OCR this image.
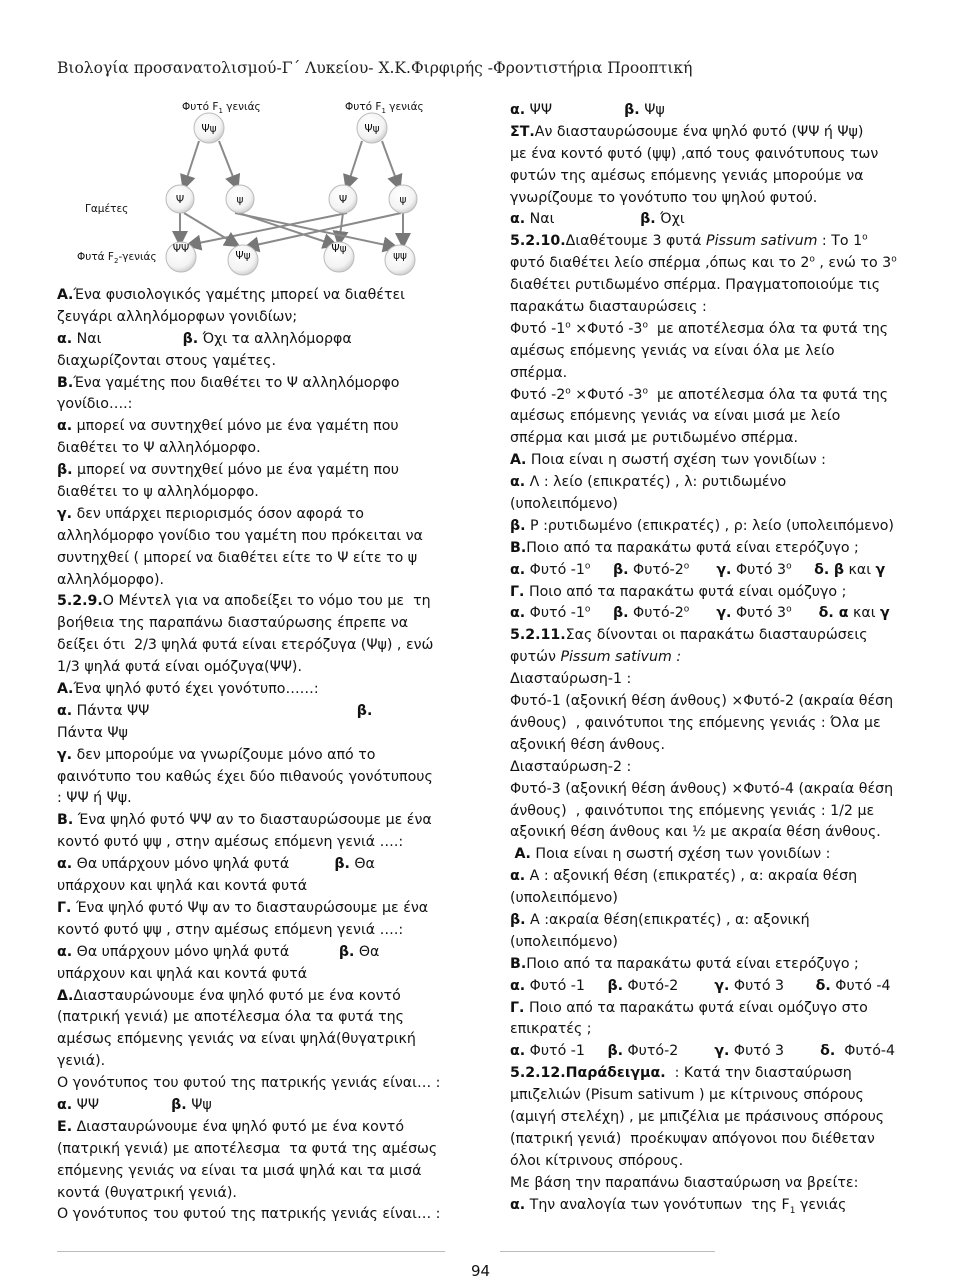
Βιολογία προσανατολισμού-Γ΄ Λυκείου- Χ.Κ.Φιρφιρής -Φροντιστήρια Προοπτική
Φυτό $F_1$ γενιάς	Φυτό $F_1$ γενιάς
Ψψ	Ψψ
Γαμέτες
Φυτά $F_2$-γενιάς
Ψ	ψ	Ψ	ψ
ΨΨ
Ψψ
Ψψ
ψψ
Α.Ένα φυσιολογικός γαμέτης μπορεί να διαθέτει
ζευγάρι αλληλόμορφων γονιδίων;
α. Ναι                  β. Όχι τα αλληλόμορφα
διαχωρίζονται στους γαμέτες.
Β.Ένα γαμέτης που διαθέτει το Ψ αλληλόμορφο
γονίδιο….:
α. μπορεί να συντηχθεί μόνο με ένα γαμέτη που
διαθέτει το Ψ αλληλόμορφο.
β. μπορεί να συντηχθεί μόνο με ένα γαμέτη που
διαθέτει το ψ αλληλόμορφο.
γ. δεν υπάρχει περιορισμός όσον αφορά το
αλληλόμορφο γονίδιο του γαμέτη που πρόκειται να
συντηχθεί ( μπορεί να διαθέτει είτε το Ψ είτε το ψ
αλληλόμορφο).
5.2.9.Ο Μέντελ για να αποδείξει το νόμο του με  τη
βοήθεια της παραπάνω διασταύρωσης έπρεπε να
δείξει ότι  2/3 ψηλά φυτά είναι ετερόζυγα (Ψψ) , ενώ
1/3 ψηλά φυτά είναι ομόζυγα(ΨΨ).
Α.Ένα ψηλό φυτό έχει γονότυπο……:
α. Πάντα ΨΨ                                              β.
Πάντα Ψψ
γ. δεν μπορούμε να γνωρίζουμε μόνο από το
φαινότυπο του καθώς έχει δύο πιθανούς γονότυπους
: ΨΨ ή Ψψ.
Β. Ένα ψηλό φυτό ΨΨ αν το διασταυρώσουμε με ένα
κοντό φυτό ψψ , στην αμέσως επόμενη γενιά ….:
α. Θα υπάρχουν μόνο ψηλά φυτά          β. Θα
υπάρχουν και ψηλά και κοντά φυτά
Γ. Ένα ψηλό φυτό Ψψ αν το διασταυρώσουμε με ένα
κοντό φυτό ψψ , στην αμέσως επόμενη γενιά ….:
α. Θα υπάρχουν μόνο ψηλά φυτά           β. Θα
υπάρχουν και ψηλά και κοντά φυτά
Δ.Διασταυρώνουμε ένα ψηλό φυτό με ένα κοντό
(πατρική γενιά) με αποτέλεσμα όλα τα φυτά της
αμέσως επόμενης γενιάς να είναι ψηλά(θυγατρική
γενιά).
Ο γονότυπος του φυτού της πατρικής γενιάς είναι… :
α. ΨΨ                β. Ψψ
Ε. Διασταυρώνουμε ένα ψηλό φυτό με ένα κοντό
(πατρική γενιά) με αποτέλεσμα  τα φυτά της αμέσως
επόμενης γενιάς να είναι τα μισά ψηλά και τα μισά
κοντά (θυγατρική γενιά).
Ο γονότυπος του φυτού της πατρικής γενιάς είναι… :
α. ΨΨ                β. Ψψ
ΣΤ.Αν διασταυρώσουμε ένα ψηλό φυτό (ΨΨ ή Ψψ)
με ένα κοντό φυτό (ψψ) ,από τους φαινότυπους των
φυτών της αμέσως επόμενης γενιάς μπορούμε να
γνωρίζουμε το γονότυπο του ψηλού φυτού.
α. Ναι                   β. Όχι
5.2.10.Διαθέτουμε 3 φυτά Pissum sativum : Το $1^o$
φυτό διαθέτει λείο σπέρμα ,όπως και το $2^o$ , ενώ το $3^o$
διαθέτει ρυτιδωμένο σπέρμα. Πραγματοποιούμε τις
παρακάτω διασταυρώσεις :
Φυτό $-1^o \times\Phi\upsilon\tau ό$ $-3^o$  με αποτέλεσμα όλα τα φυτά της
αμέσως επόμενης γενιάς να είναι όλα με λείο
σπέρμα.
Φυτό $-2^o \times\Phi\upsilon\tau ό$ $-3^o$  με αποτέλεσμα όλα τα φυτά της
αμέσως επόμενης γενιάς να είναι μισά με λείο
σπέρμα και μισά με ρυτιδωμένο σπέρμα.
Α. Ποια είναι η σωστή σχέση των γονιδίων :
α. Λ : λείο (επικρατές) , λ: ρυτιδωμένο
(υπολειπόμενο)
β. Ρ :ρυτιδωμένο (επικρατές) , ρ: λείο (υπολειπόμενο)
Β.Ποιο από τα παρακάτω φυτά είναι ετερόζυγο ;
α. Φυτό $-1^o$ β. Φυτό-$2^o$ γ. Φυτό $3^o$ δ. β και γ
Γ. Ποιο από τα παρακάτω φυτά είναι ομόζυγο ;
α. Φυτό $-1^o$ β. Φυτό-$2^o$ γ. Φυτό $3^o$ δ. α και γ
5.2.11.Σας δίνονται οι παρακάτω διασταυρώσεις
φυτών Pissum sativum :
Διασταύρωση-1 :
Φυτό-1 (αξονική θέση άνθους) ×Φυτό-2 (ακραία θέση
άνθους)  , φαινότυποι της επόμενης γενιάς : Όλα με
αξονική θέση άνθους.
Διασταύρωση-2 :
Φυτό-3 (αξονική θέση άνθους) ×Φυτό-4 (ακραία θέση
άνθους)  , φαινότυποι της επόμενης γενιάς : 1/2 με
αξονική θέση άνθους και ½ με ακραία θέση άνθους.
Α. Ποια είναι η σωστή σχέση των γονιδίων :
α. Α : αξονική θέση (επικρατές) , α: ακραία θέση
(υπολειπόμενο)
β. Α :ακραία θέση(επικρατές) , α: αξονική
(υπολειπόμενο)
Β.Ποιο από τα παρακάτω φυτά είναι ετερόζυγο ;
α. Φυτό -1     β. Φυτό-2        γ. Φυτό 3       δ. Φυτό -4
Γ. Ποιο από τα παρακάτω φυτά είναι ομόζυγο στο
επικρατές ;
α. Φυτό -1     β. Φυτό-2        γ. Φυτό 3        δ.  Φυτό-4
5.2.12.Παράδειγμα.  : Κατά την διασταύρωση
μπιζελιών (Pisum sativum ) με κίτρινους σπόρους
(αμιγή στελέχη) , με μπιζέλια με πράσινους σπόρους
(πατρική γενιά)  προέκυψαν απόγονοι που διέθεταν
όλοι κίτρινους σπόρους.
Με βάση την παραπάνω διασταύρωση να βρείτε:
α. Την αναλογία των γονότυπων  της $F_1$ γενιάς
94
